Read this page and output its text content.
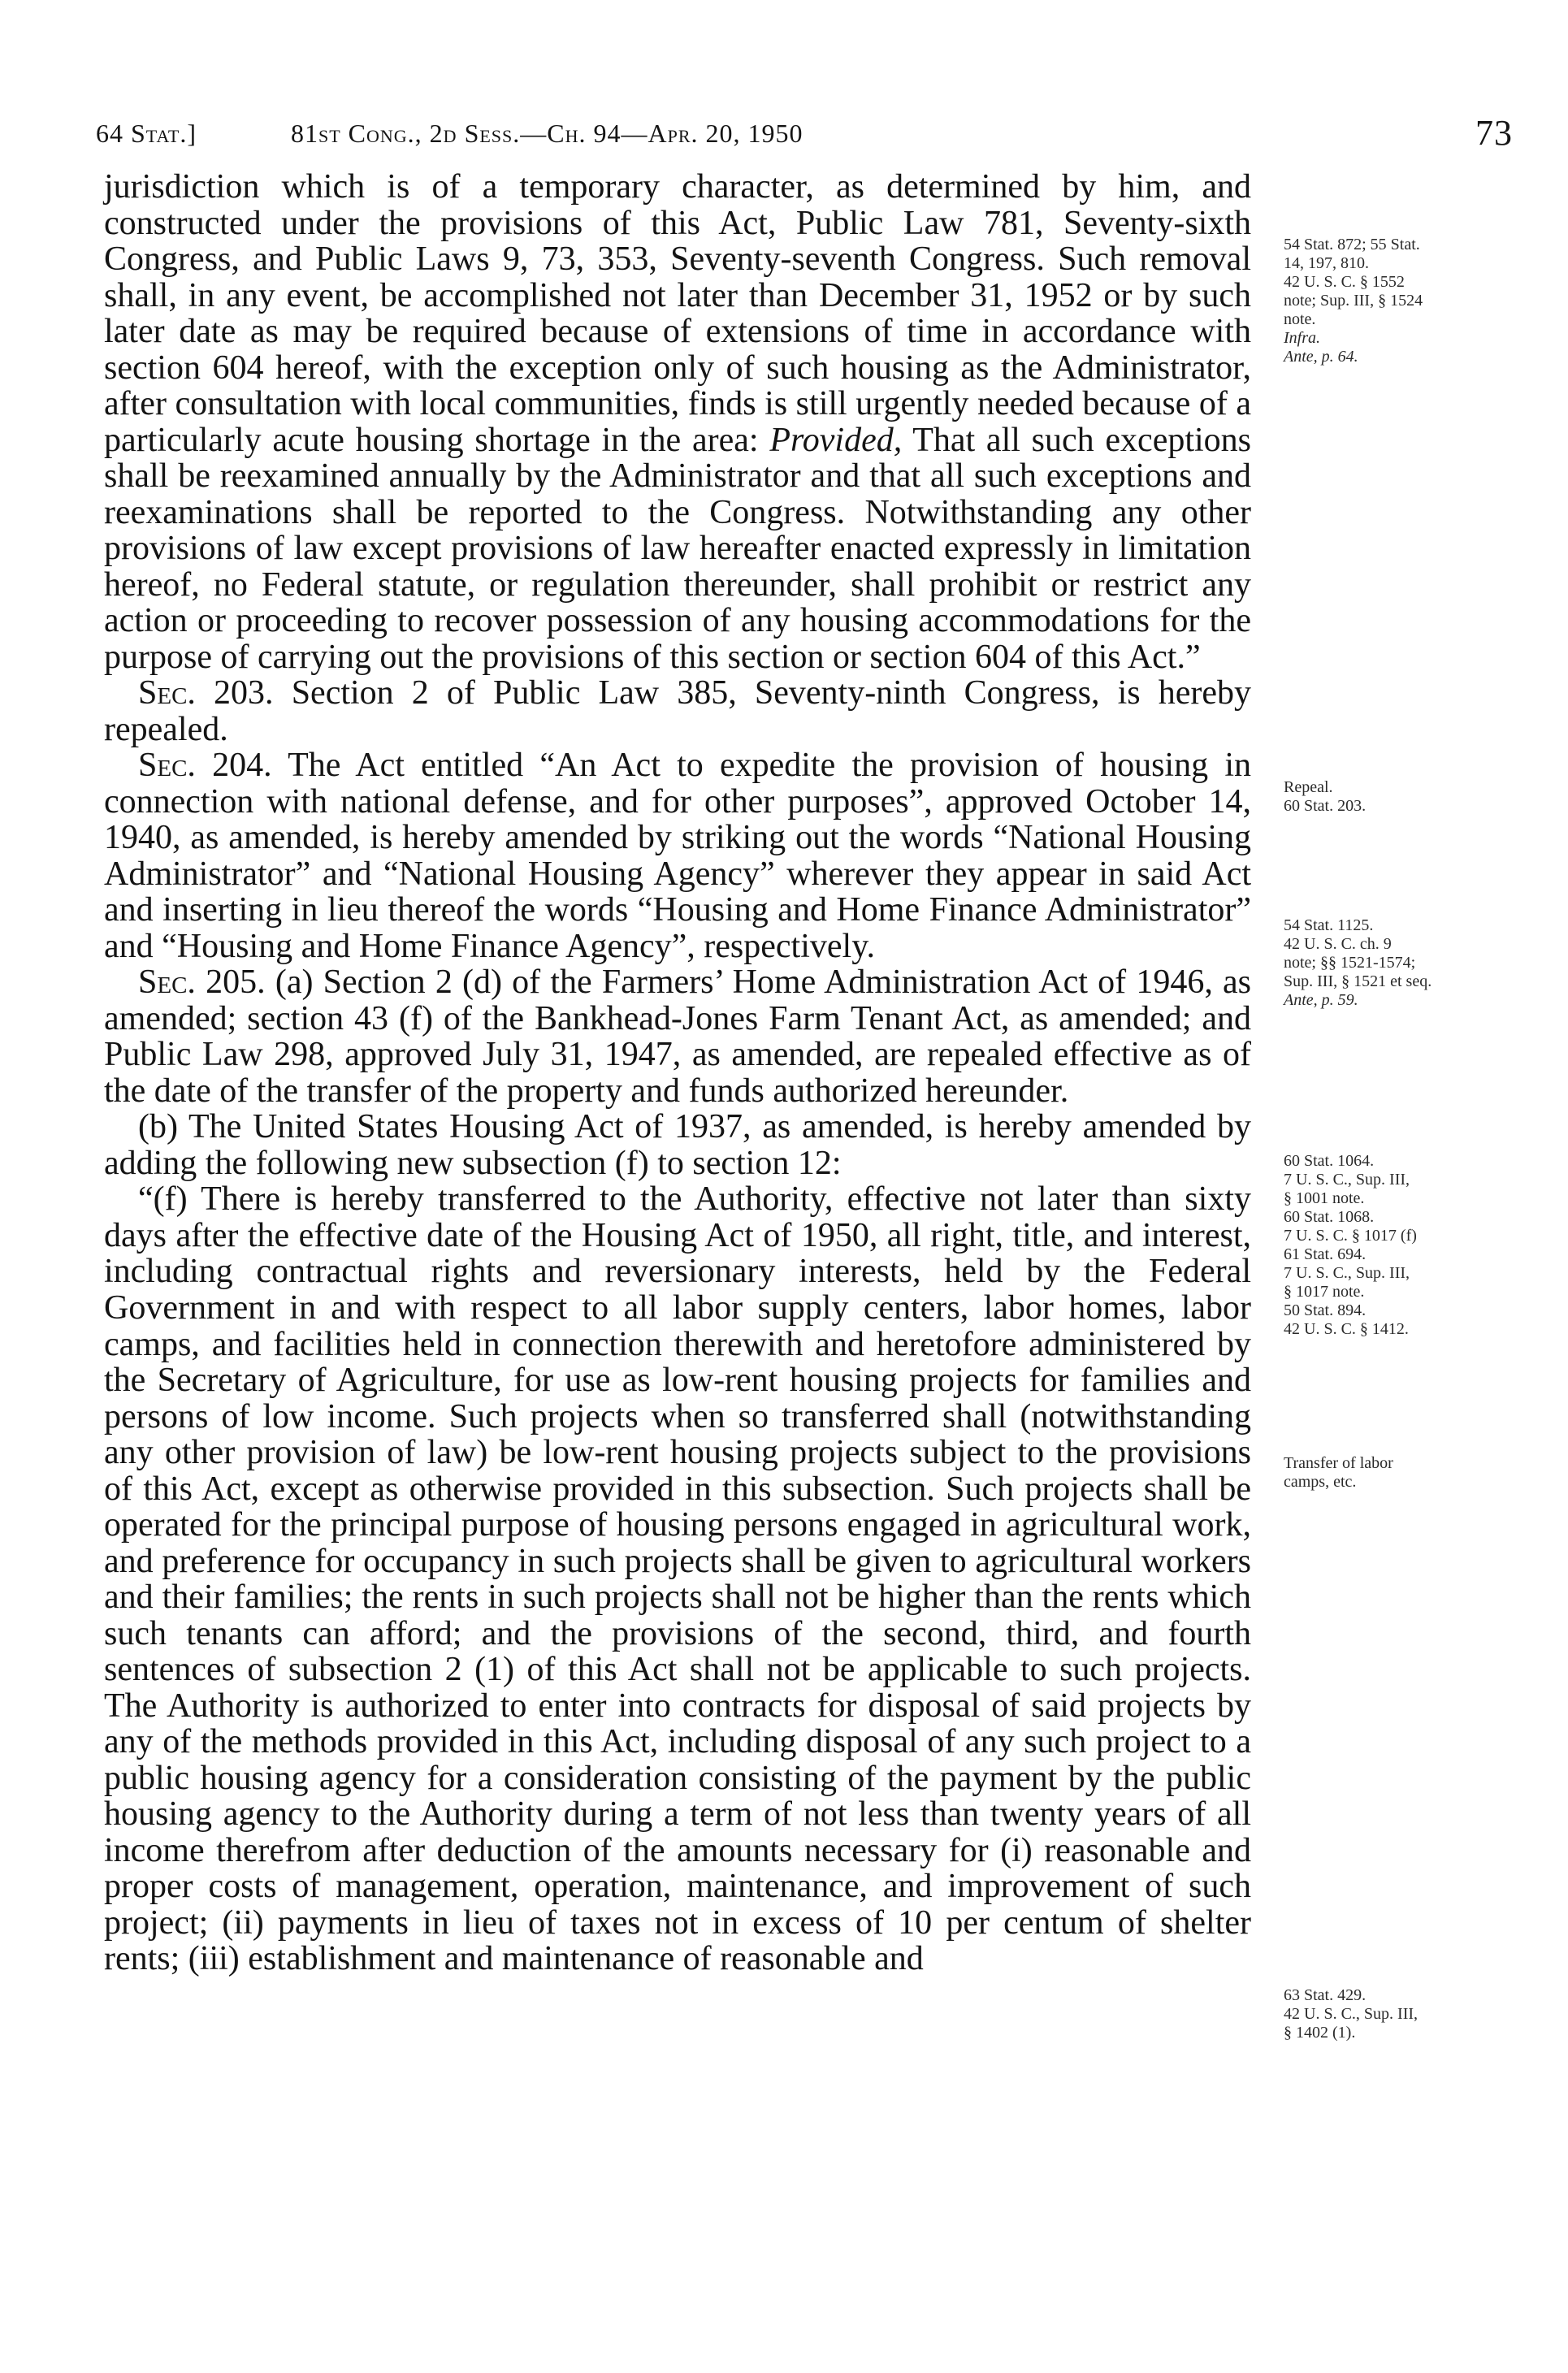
64 Stat.]	81st Cong., 2d Sess.—Ch. 94—Apr. 20, 1950	73

jurisdiction which is of a temporary character, as determined by him, and constructed under the provisions of this Act, Public Law 781, Seventy-sixth Congress, and Public Laws 9, 73, 353, Seventy-seventh Congress. Such removal shall, in any event, be accomplished not later than December 31, 1952 or by such later date as may be required because of extensions of time in accordance with section 604 hereof, with the exception only of such housing as the Administrator, after consultation with local communities, finds is still urgently needed because of a particularly acute housing shortage in the area: Provided, That all such exceptions shall be reexamined annually by the Administrator and that all such exceptions and reexaminations shall be reported to the Congress. Notwithstanding any other provisions of law except provisions of law hereafter enacted expressly in limitation hereof, no Federal statute, or regulation thereunder, shall prohibit or restrict any action or proceeding to recover possession of any housing accommodations for the purpose of carrying out the provisions of this section or section 604 of this Act.”

Sec. 203. Section 2 of Public Law 385, Seventy-ninth Congress, is hereby repealed.

Sec. 204. The Act entitled “An Act to expedite the provision of housing in connection with national defense, and for other purposes”, approved October 14, 1940, as amended, is hereby amended by striking out the words “National Housing Administrator” and “National Housing Agency” wherever they appear in said Act and inserting in lieu thereof the words “Housing and Home Finance Administrator” and “Housing and Home Finance Agency”, respectively.

Sec. 205. (a) Section 2 (d) of the Farmers’ Home Administration Act of 1946, as amended; section 43 (f) of the Bankhead-Jones Farm Tenant Act, as amended; and Public Law 298, approved July 31, 1947, as amended, are repealed effective as of the date of the transfer of the property and funds authorized hereunder.

(b) The United States Housing Act of 1937, as amended, is hereby amended by adding the following new subsection (f) to section 12:

“(f) There is hereby transferred to the Authority, effective not later than sixty days after the effective date of the Housing Act of 1950, all right, title, and interest, including contractual rights and reversionary interests, held by the Federal Government in and with respect to all labor supply centers, labor homes, labor camps, and facilities held in connection therewith and heretofore administered by the Secretary of Agriculture, for use as low-rent housing projects for families and persons of low income. Such projects when so transferred shall (notwithstanding any other provision of law) be low-rent housing projects subject to the provisions of this Act, except as otherwise provided in this subsection. Such projects shall be operated for the principal purpose of housing persons engaged in agricultural work, and preference for occupancy in such projects shall be given to agricultural workers and their families; the rents in such projects shall not be higher than the rents which such tenants can afford; and the provisions of the second, third, and fourth sentences of subsection 2 (1) of this Act shall not be applicable to such projects. The Authority is authorized to enter into contracts for disposal of said projects by any of the methods provided in this Act, including disposal of any such project to a public housing agency for a consideration consisting of the payment by the public housing agency to the Authority during a term of not less than twenty years of all income therefrom after deduction of the amounts necessary for (i) reasonable and proper costs of management, operation, maintenance, and improvement of such project; (ii) payments in lieu of taxes not in excess of 10 per centum of shelter rents; (iii) establishment and maintenance of reasonable and

54 Stat. 872; 55 Stat.
14, 197, 810.
42 U. S. C. § 1552
note; Sup. III, § 1524
note.
Infra.
Ante, p. 64.
Repeal.
60 Stat. 203.
54 Stat. 1125.
42 U. S. C. ch. 9
note; §§ 1521-1574;
Sup. III, § 1521 et seq.
Ante, p. 59.
60 Stat. 1064.
7 U. S. C., Sup. III,
§ 1001 note.
60 Stat. 1068.
7 U. S. C. § 1017 (f)
61 Stat. 694.
7 U. S. C., Sup. III,
§ 1017 note.
50 Stat. 894.
42 U. S. C. § 1412.
Transfer of labor
camps, etc.
63 Stat. 429.
42 U. S. C., Sup. III,
§ 1402 (1).
